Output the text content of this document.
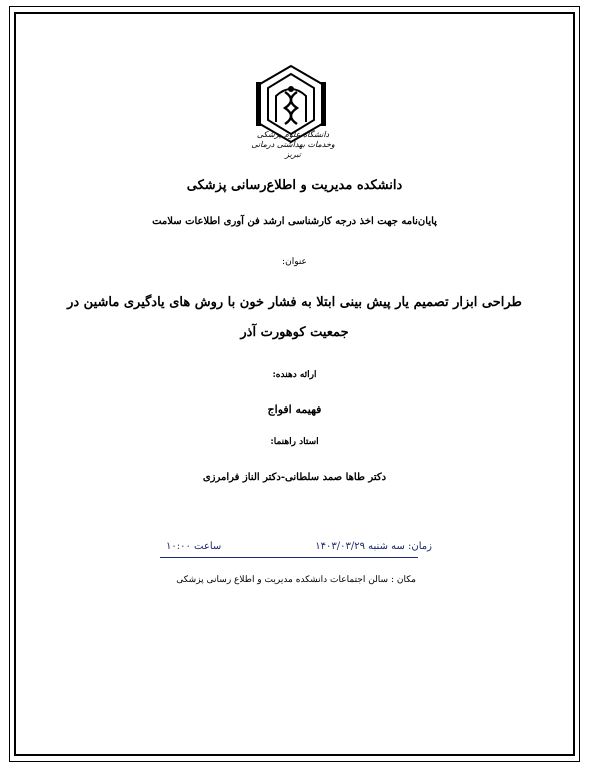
دانشگاه علوم پزشکی
وخدمات بهداشتی درمانی تبریز
دانشکده مدیریت و اطلاع‌رسانی پزشکی
پایان‌نامه جهت اخذ درجه کارشناسی ارشد فن آوری اطلاعات سلامت
عنوان:
طراحی ابزار تصمیم یار پیش بینی ابتلا به فشار خون با روش های یادگیری ماشین در
جمعیت کوهورت آذر
ارائه دهنده:
فهیمه افواج
استاد راهنما:
دکتر طاها صمد سلطانی-دکتر الناز فرامرزی
زمان: سه شنبه ۱۴۰۳/۰۳/۲۹
ساعت ۱۰:۰۰
مکان : سالن اجتماعات دانشکده مدیریت و اطلاع رسانی پزشکی
